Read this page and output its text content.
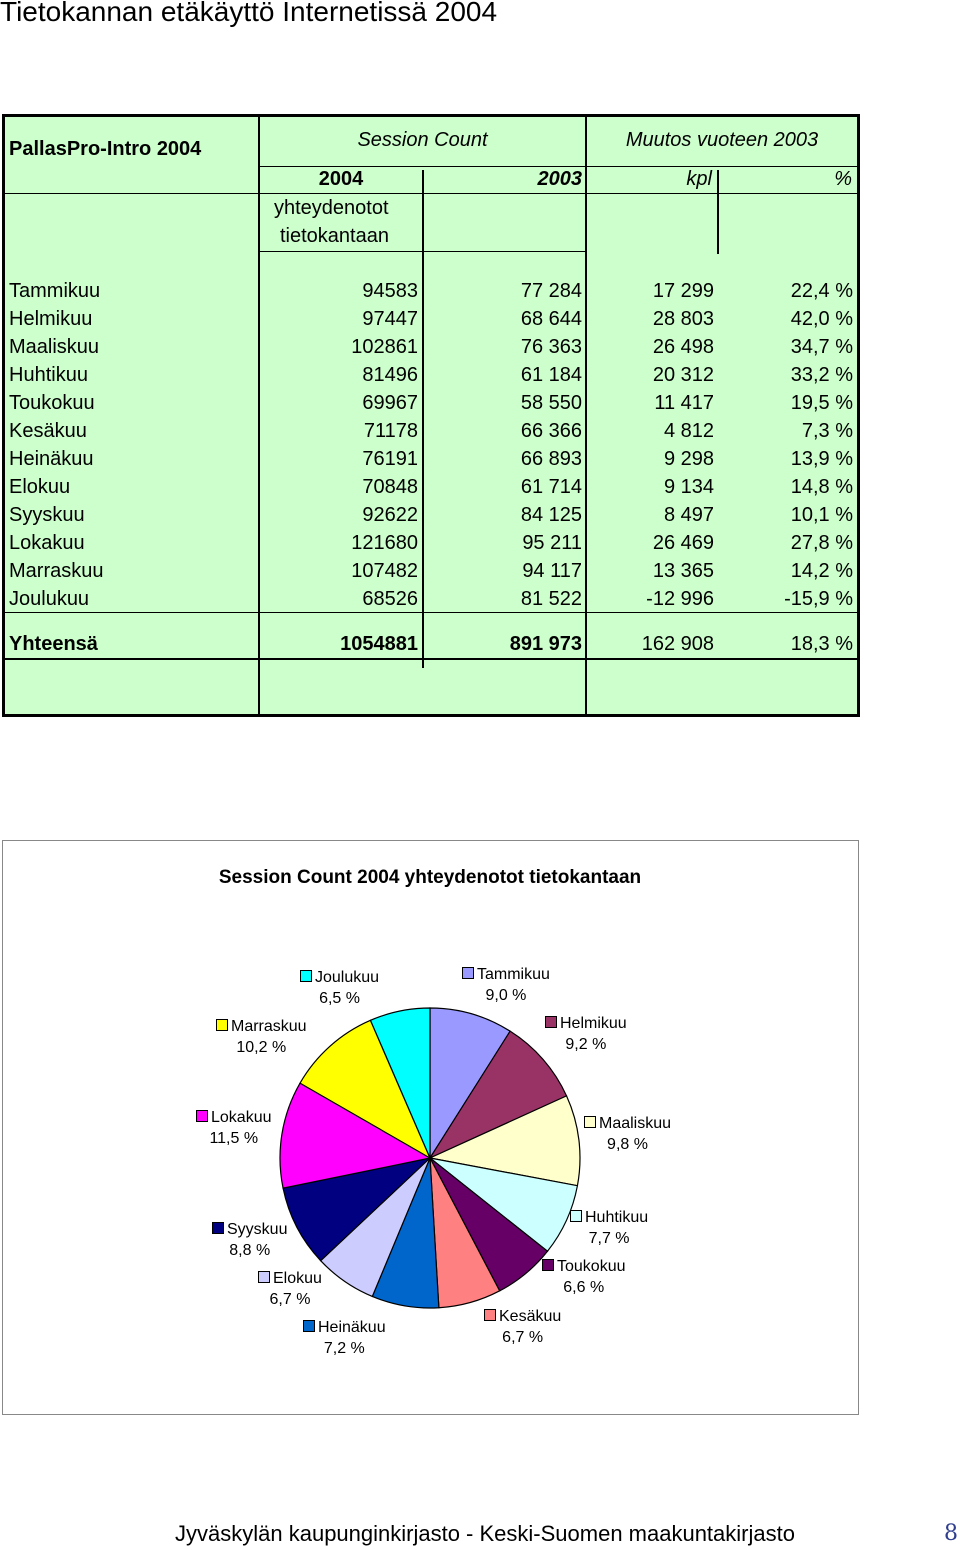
Tietokannan etäkäyttö Internetissä 2004
PallasPro-Intro 2004	Session Count	Muutos vuoteen 2003
2004	2003	kpl	%
yhteydenotot
tietokantaan
Tammikuu	94583	77 284	17 299	22,4 %
Helmikuu	97447	68 644	28 803	42,0 %
Maaliskuu	102861	76 363	26 498	34,7 %
Huhtikuu	81496	61 184	20 312	33,2 %
Toukokuu	69967	58 550	11 417	19,5 %
Kesäkuu	71178	66 366	4 812	7,3 %
Heinäkuu	76191	66 893	9 298	13,9 %
Elokuu	70848	61 714	9 134	14,8 %
Syyskuu	92622	84 125	8 497	10,1 %
Lokakuu	121680	95 211	26 469	27,8 %
Marraskuu	107482	94 117	13 365	14,2 %
Joulukuu	68526	81 522	-12 996	-15,9 %
Yhteensä	1054881	891 973	162 908	18,3 %
Session Count 2004 yhteydenotot tietokantaan
Tammikuu
9,0 %
Helmikuu
9,2 %
Maaliskuu
9,8 %
Huhtikuu
7,7 %
Toukokuu
6,6 %
Kesäkuu
6,7 %
Heinäkuu
7,2 %
Elokuu
6,7 %
Syyskuu
8,8 %
Lokakuu
11,5 %
Marraskuu
10,2 %
Joulukuu
6,5 %
Jyväskylän kaupunginkirjasto - Keski-Suomen maakuntakirjasto	8
